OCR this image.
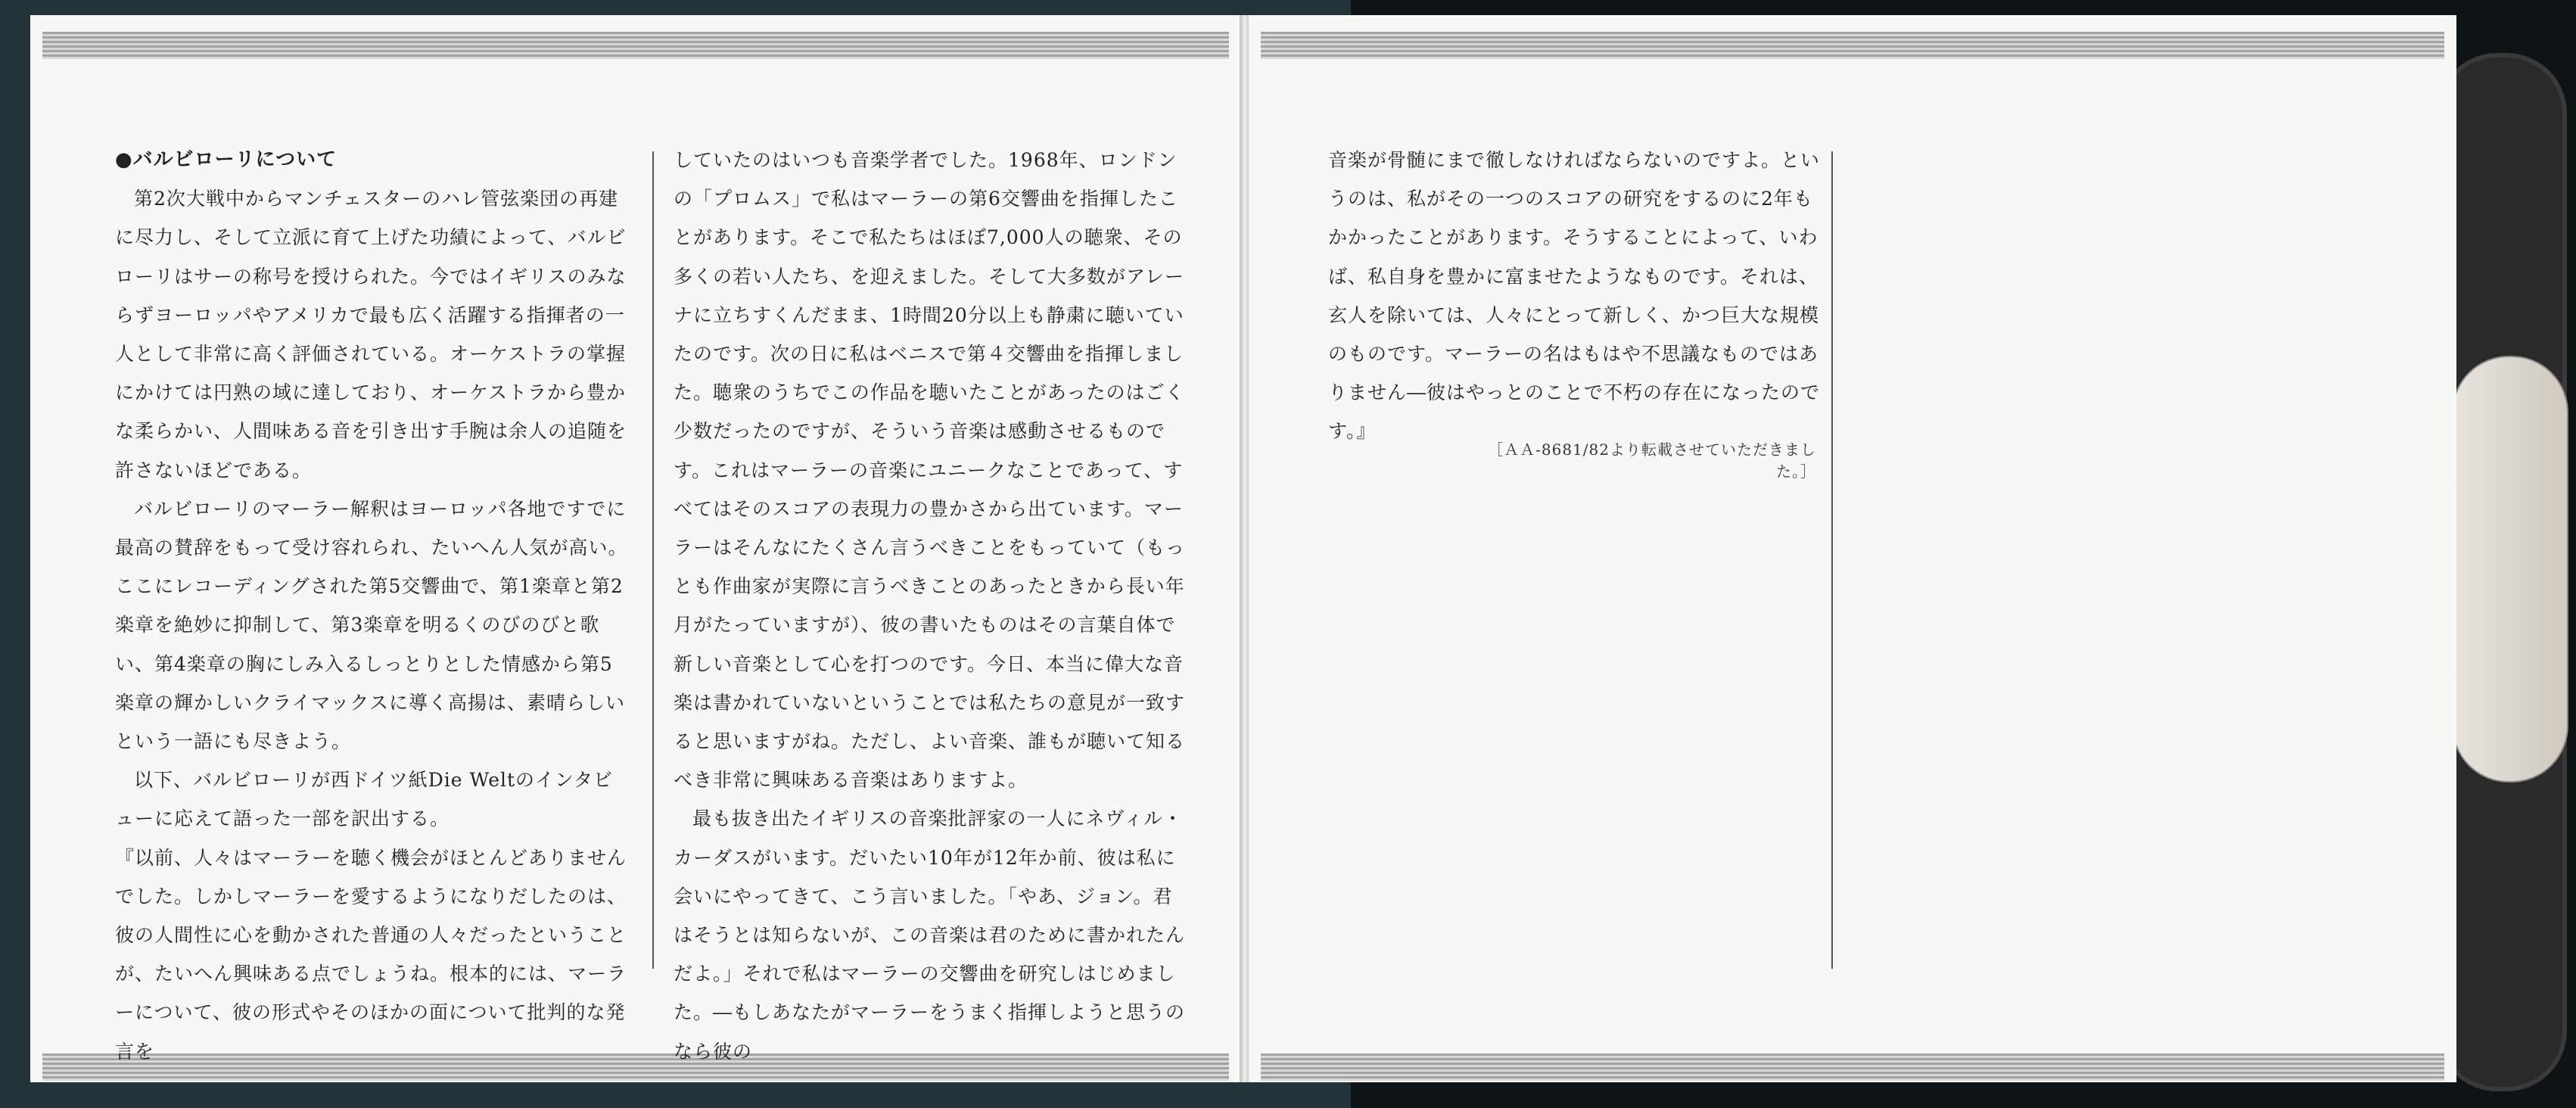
●バルビローリについて

第2次大戦中からマンチェスターのハレ管弦楽団の再建に尽力し、そして立派に育て上げた功績によって、バルビローリはサーの称号を授けられた。今ではイギリスのみならずヨーロッパやアメリカで最も広く活躍する指揮者の一人として非常に高く評価されている。オーケストラの掌握にかけては円熟の域に達しており、オーケストラから豊かな柔らかい、人間味ある音を引き出す手腕は余人の追随を許さないほどである。

バルビローリのマーラー解釈はヨーロッパ各地ですでに最高の賛辞をもって受け容れられ、たいへん人気が高い。ここにレコーディングされた第5交響曲で、第1楽章と第2楽章を絶妙に抑制して、第3楽章を明るくのびのびと歌い、第4楽章の胸にしみ入るしっとりとした情感から第5楽章の輝かしいクライマックスに導く高揚は、素晴らしいという一語にも尽きよう。

以下、バルビローリが西ドイツ紙Die Weltのインタビューに応えて語った一部を訳出する。

『以前、人々はマーラーを聴く機会がほとんどありませんでした。しかしマーラーを愛するようになりだしたのは、彼の人間性に心を動かされた普通の人々だったということが、たいへん興味ある点でしょうね。根本的には、マーラーについて、彼の形式やそのほかの面について批判的な発言を

していたのはいつも音楽学者でした。1968年、ロンドンの「プロムス」で私はマーラーの第6交響曲を指揮したことがあります。そこで私たちはほぼ7,000人の聴衆、その多くの若い人たち、を迎えました。そして大多数がアレーナに立ちすくんだまま、1時間20分以上も静粛に聴いていたのです。次の日に私はベニスで第４交響曲を指揮しました。聴衆のうちでこの作品を聴いたことがあったのはごく少数だったのですが、そういう音楽は感動させるものです。これはマーラーの音楽にユニークなことであって、すべてはそのスコアの表現力の豊かさから出ています。マーラーはそんなにたくさん言うべきことをもっていて（もっとも作曲家が実際に言うべきことのあったときから長い年月がたっていますが）、彼の書いたものはその言葉自体で新しい音楽として心を打つのです。今日、本当に偉大な音楽は書かれていないということでは私たちの意見が一致すると思いますがね。ただし、よい音楽、誰もが聴いて知るべき非常に興味ある音楽はありますよ。

最も抜き出たイギリスの音楽批評家の一人にネヴィル・カーダスがいます。だいたい10年が12年か前、彼は私に会いにやってきて、こう言いました。「やあ、ジョン。君はそうとは知らないが、この音楽は君のために書かれたんだよ。」それで私はマーラーの交響曲を研究しはじめました。―もしあなたがマーラーをうまく指揮しようと思うのなら彼の

音楽が骨髄にまで徹しなければならないのですよ。というのは、私がその一つのスコアの研究をするのに2年もかかったことがあります。そうすることによって、いわば、私自身を豊かに富ませたようなものです。それは、玄人を除いては、人々にとって新しく、かつ巨大な規模のものです。マーラーの名はもはや不思議なものではありません―彼はやっとのことで不朽の存在になったのです。』

［ＡＡ-8681/82より転載させていただきました。］
